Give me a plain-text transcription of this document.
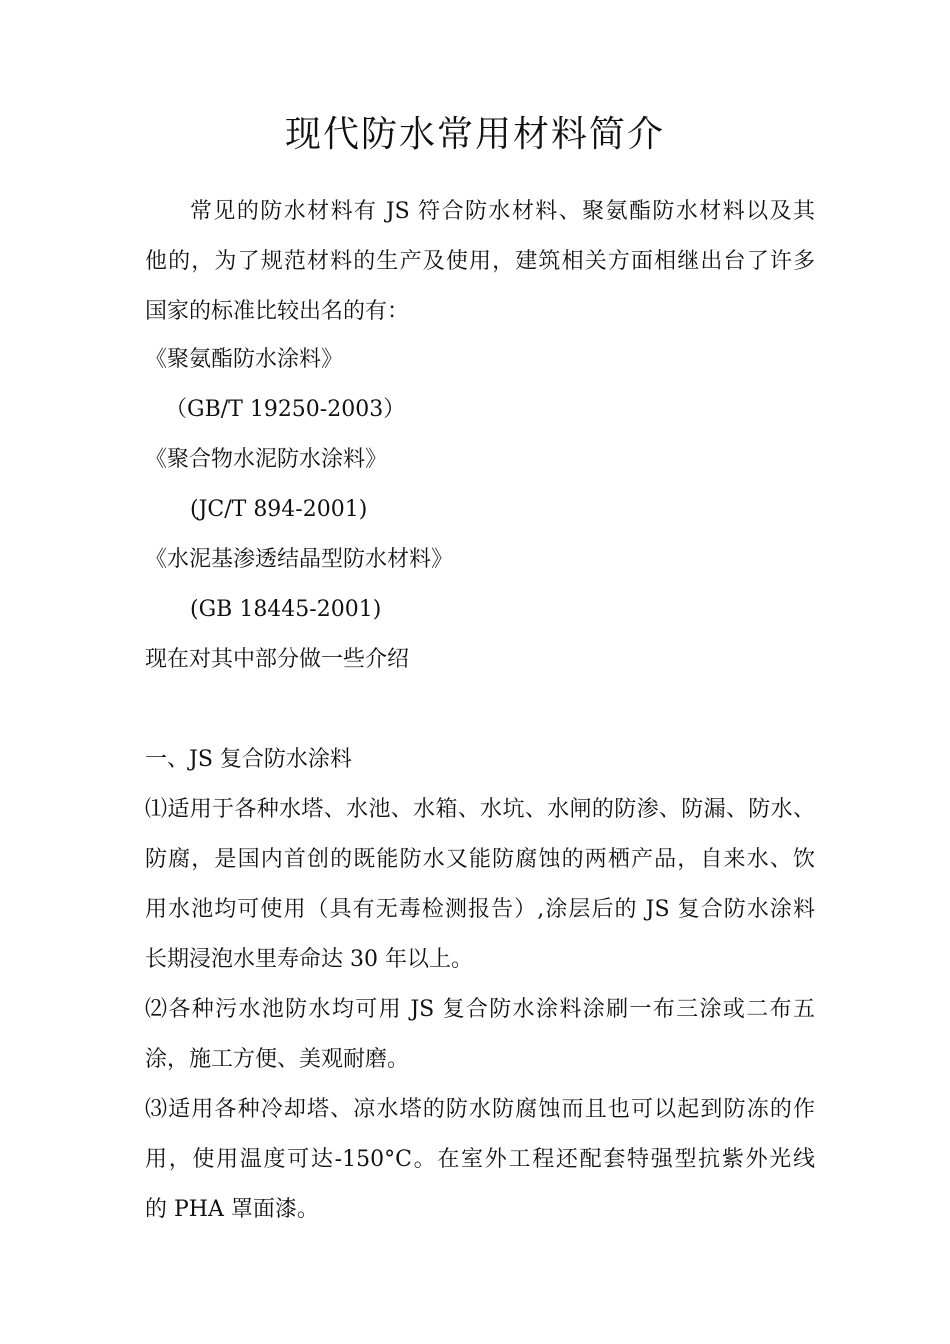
现代防水常用材料简介
常见的防水材料有 JS 符合防水材料、聚氨酯防水材料以及其
他的，为了规范材料的生产及使用，建筑相关方面相继出台了许多
国家的标准比较出名的有：
《聚氨酯防水涂料》
（GB/T 19250-2003）
《聚合物水泥防水涂料》
(JC/T 894-2001)
《水泥基渗透结晶型防水材料》
(GB 18445-2001)
现在对其中部分做一些介绍
一、JS 复合防水涂料
⑴适用于各种水塔、水池、水箱、水坑、水闸的防渗、防漏、防水、
防腐，是国内首创的既能防水又能防腐蚀的两栖产品，自来水、饮
用水池均可使用（具有无毒检测报告）,涂层后的 JS 复合防水涂料
长期浸泡水里寿命达 30 年以上。
⑵各种污水池防水均可用 JS 复合防水涂料涂刷一布三涂或二布五
涂，施工方便、美观耐磨。
⑶适用各种冷却塔、凉水塔的防水防腐蚀而且也可以起到防冻的作
用，使用温度可达-150°C。在室外工程还配套特强型抗紫外光线
的 PHA 罩面漆。
